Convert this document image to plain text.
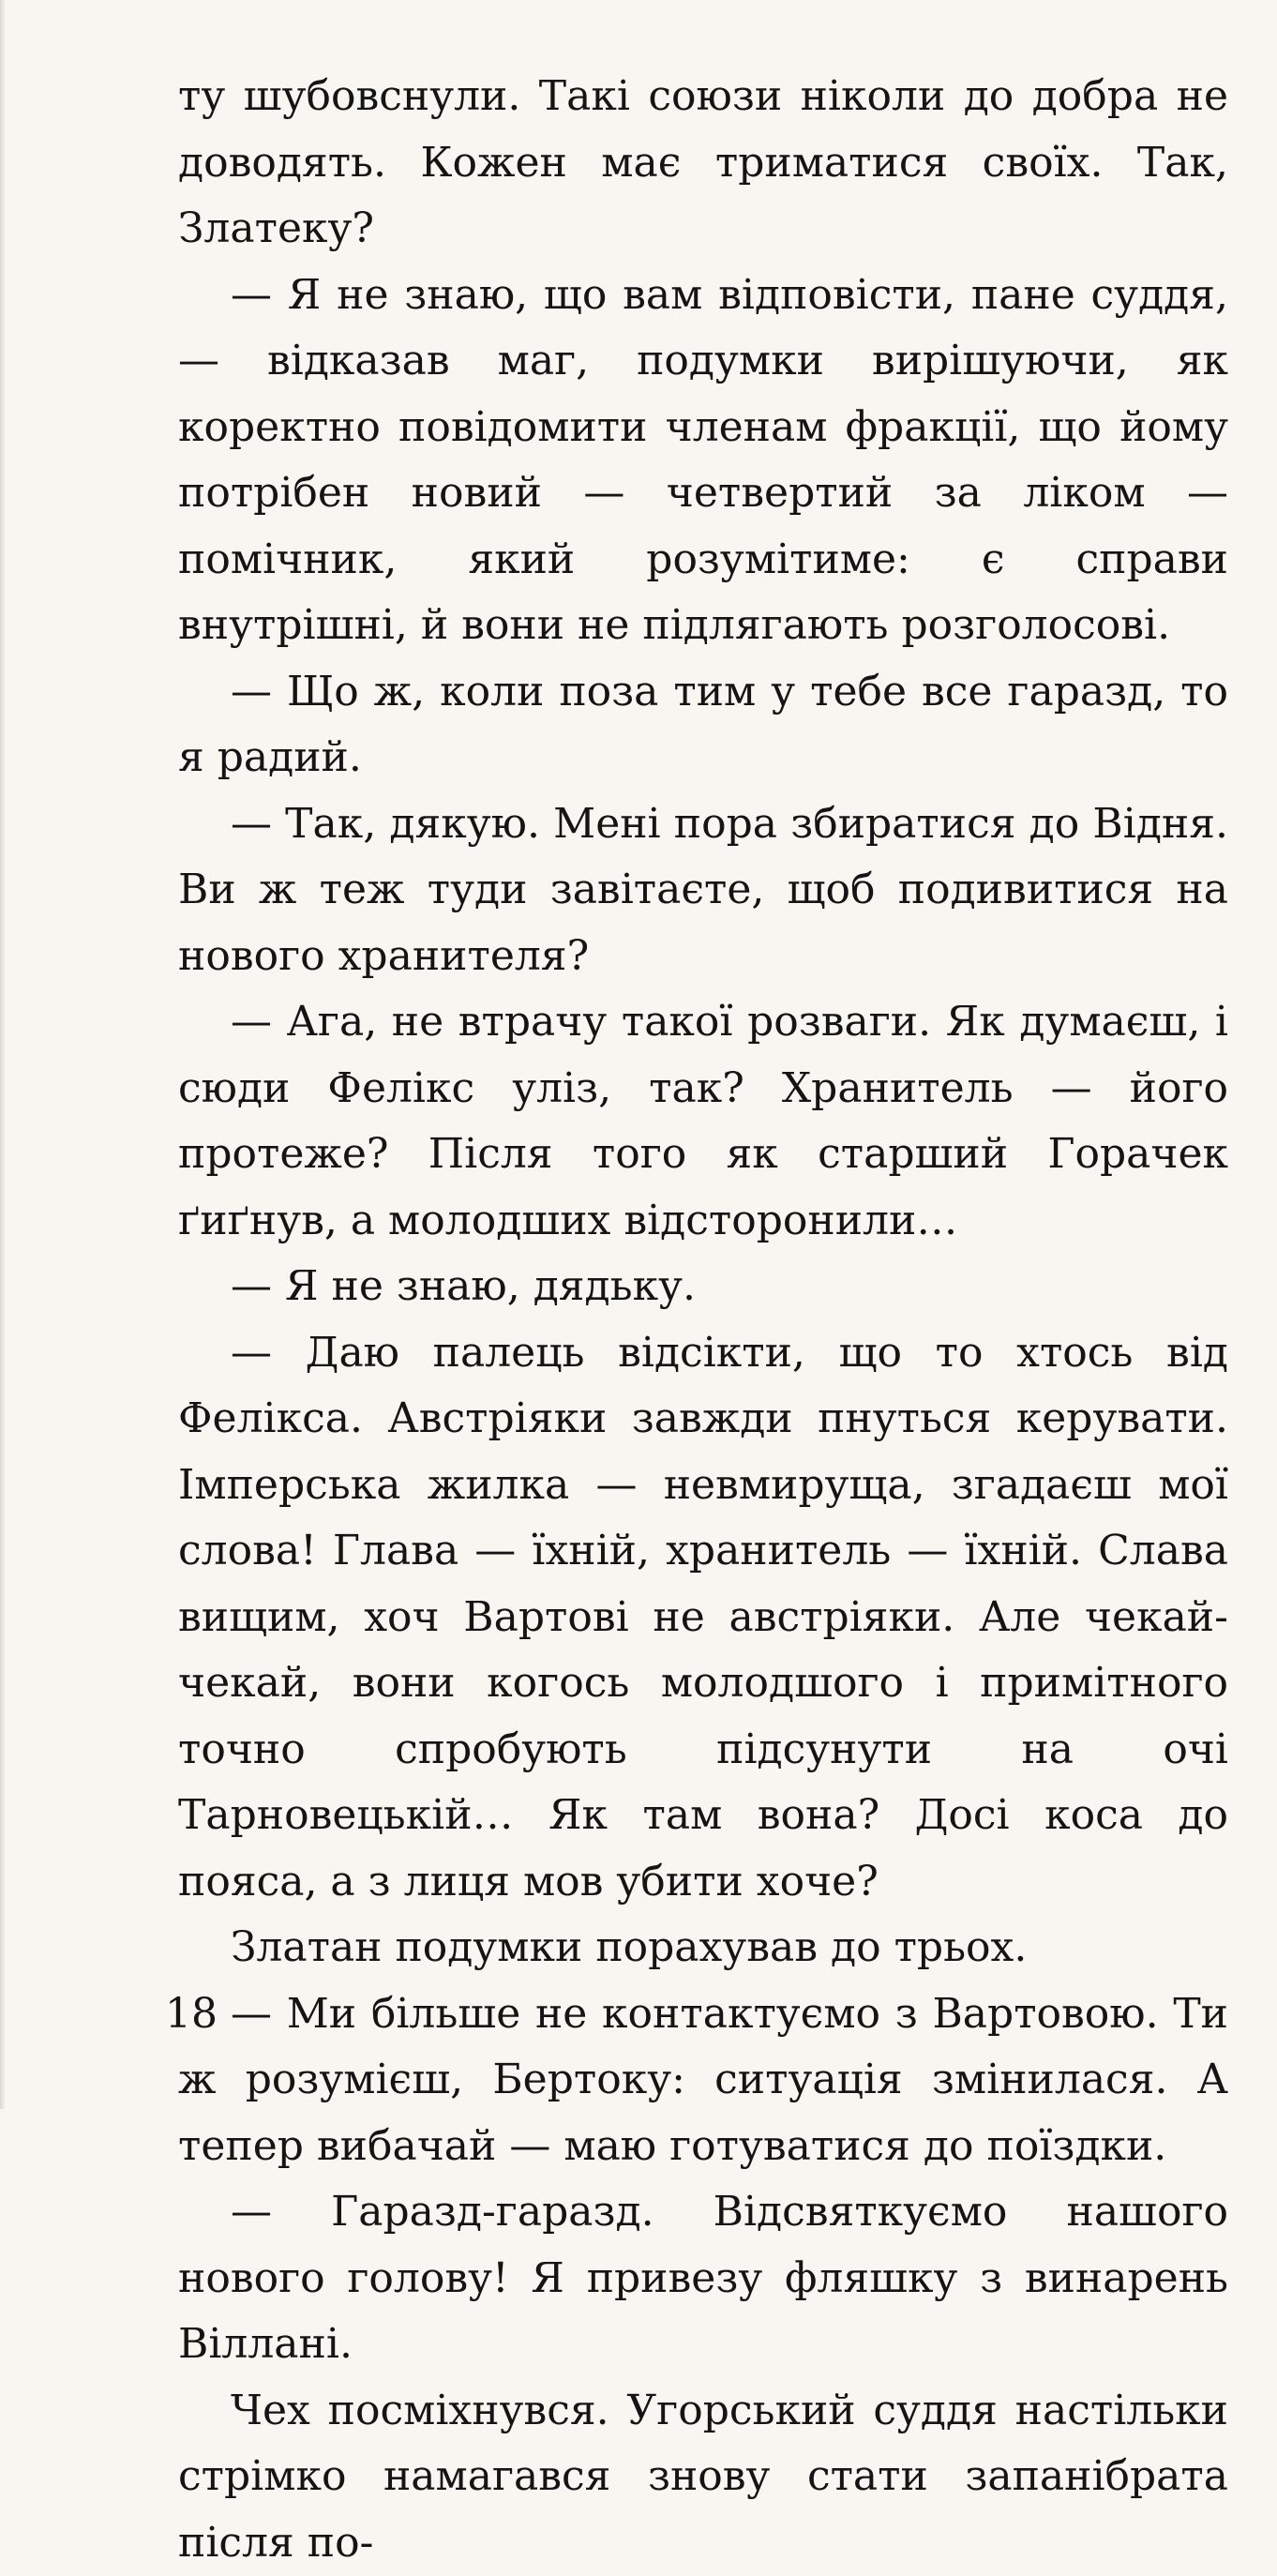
ту шубовснули. Такі союзи ніколи до добра не доводять. Кожен має триматися своїх. Так, Златеку?

— Я не знаю, що вам відповісти, пане суддя, — відказав маг, подумки вирішуючи, як коректно повідомити членам фракції, що йому потрібен новий — четвертий за ліком — помічник, який розумітиме: є справи внутрішні, й вони не підлягають розголосові.

— Що ж, коли поза тим у тебе все гаразд, то я радий.

— Так, дякую. Мені пора збиратися до Відня. Ви ж теж туди завітаєте, щоб подивитися на нового хранителя?

— Ага, не втрачу такої розваги. Як думаєш, і сюди Фелікс уліз, так? Хранитель — його протеже? Після того як старший Горачек ґиґнув, а молодших відсторонили…

— Я не знаю, дядьку.

— Даю палець відсікти, що то хтось від Фелікса. Австріяки завжди пнуться керувати. Імперська жилка — невмируща, згадаєш мої слова! Глава — їхній, хранитель — їхній. Слава вищим, хоч Вартові не австріяки. Але чекай-чекай, вони когось молодшого і примітного точно спробують підсунути на очі Тарновецькій… Як там вона? Досі коса до пояса, а з лиця мов убити хоче?

Златан подумки порахував до трьох.

— Ми більше не контактуємо з Вартовою. Ти ж розумієш, Бертоку: ситуація змінилася. А тепер вибачай — маю готуватися до поїздки.

— Гаразд-гаразд. Відсвяткуємо нашого нового голову! Я привезу фляшку з винарень Віллані.

Чех посміхнувся. Угорський суддя настільки стрімко намагався знову стати запанібрата після по-

18
